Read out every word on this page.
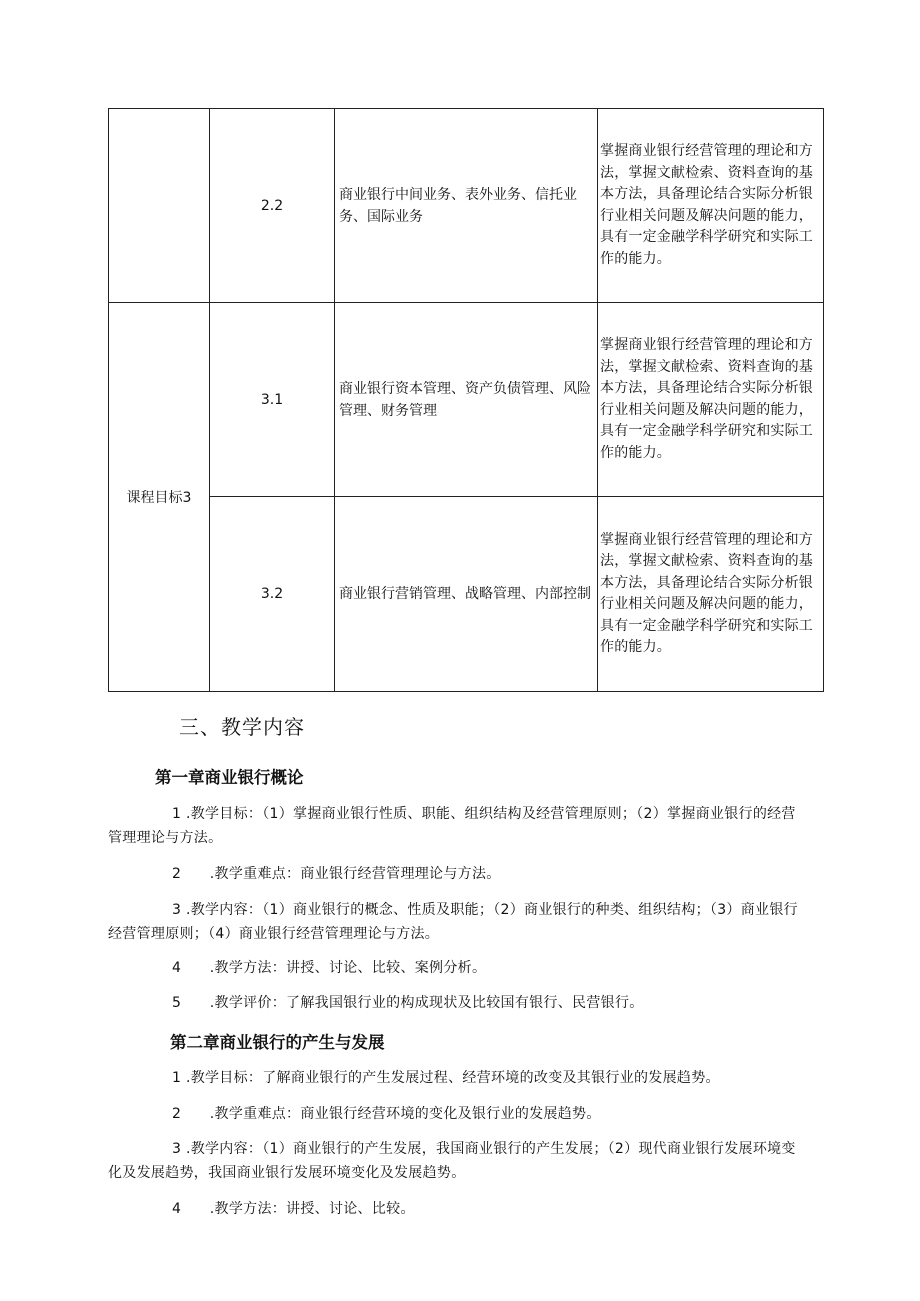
	2.2	商业银行中间业务、表外业务、信托业务、国际业务	掌握商业银行经营管理的理论和方法，掌握文献检索、资料查询的基本方法，具备理论结合实际分析银行业相关问题及解决问题的能力，具有一定金融学科学研究和实际工作的能力。
课程目标3	3.1	商业银行资本管理、资产负债管理、风险管理、财务管理	掌握商业银行经营管理的理论和方法，掌握文献检索、资料查询的基本方法，具备理论结合实际分析银行业相关问题及解决问题的能力，具有一定金融学科学研究和实际工作的能力。
	3.2	商业银行营销管理、战略管理、内部控制	掌握商业银行经营管理的理论和方法，掌握文献检索、资料查询的基本方法，具备理论结合实际分析银行业相关问题及解决问题的能力，具有一定金融学科学研究和实际工作的能力。
三、教学内容
第一章商业银行概论
1 .教学目标：（1）掌握商业银行性质、职能、组织结构及经营管理原则；（2）掌握商业银行的经营管理理论与方法。
2　　.教学重难点：商业银行经营管理理论与方法。
3 .教学内容：（1）商业银行的概念、性质及职能；（2）商业银行的种类、组织结构；（3）商业银行经营管理原则；（4）商业银行经营管理理论与方法。
4　　.教学方法：讲授、讨论、比较、案例分析。
5　　.教学评价：了解我国银行业的构成现状及比较国有银行、民营银行。
第二章商业银行的产生与发展
1 .教学目标：了解商业银行的产生发展过程、经营环境的改变及其银行业的发展趋势。
2　　.教学重难点：商业银行经营环境的变化及银行业的发展趋势。
3 .教学内容：（1）商业银行的产生发展，我国商业银行的产生发展；（2）现代商业银行发展环境变化及发展趋势，我国商业银行发展环境变化及发展趋势。
4　　.教学方法：讲授、讨论、比较。
